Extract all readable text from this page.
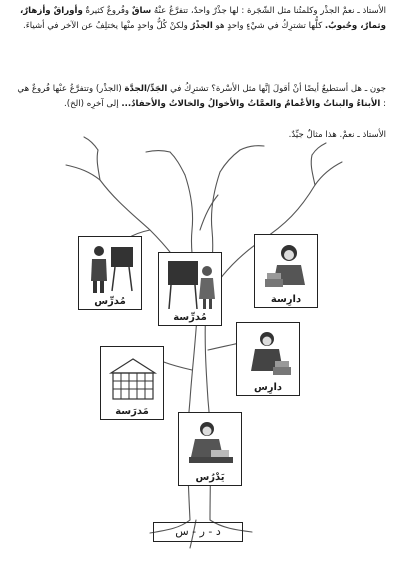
الأستاذ ـ نعمْ الجذْر وكلمتُنا مثل الشّجَرة : لها جذْرٌ واحدٌ، تتفرَّعُ عنْهُ ساقٌ وفُروعٌ كثيرةٌ وأوراقٌ وأزهارٌ، وثمارٌ، وحُبوبٌ. كلُّها تشترِكُ في شيْءٍ واحدٍ هو الجذْرُ ولكنْ كُلُّ واحدٍ منْها يختلِفُ عن الآخر في أشياءَ.

جون ـ هل أستطيعُ أيضًا أنْ أقولَ إنَّها مثل الأسْرة؟ تشترِكُ في الجَدِّ/الجدَّة (الجذْر) وتتفرَّعُ عنْها فُروعٌ هي : الأبناءُ والبناتُ والأعْمامُ والعمَّاتُ والأخوالُ والخالاتُ والأحفادُ... إلى آخرِه (الخ).

الأستاذ ـ نعمْ. هذا مثالٌ جيِّدٌ.

مُدرِّس
مُدرِّسة
دارِسة
دارِس
مَدرَسة
يَدْرُس
د - ر - س
